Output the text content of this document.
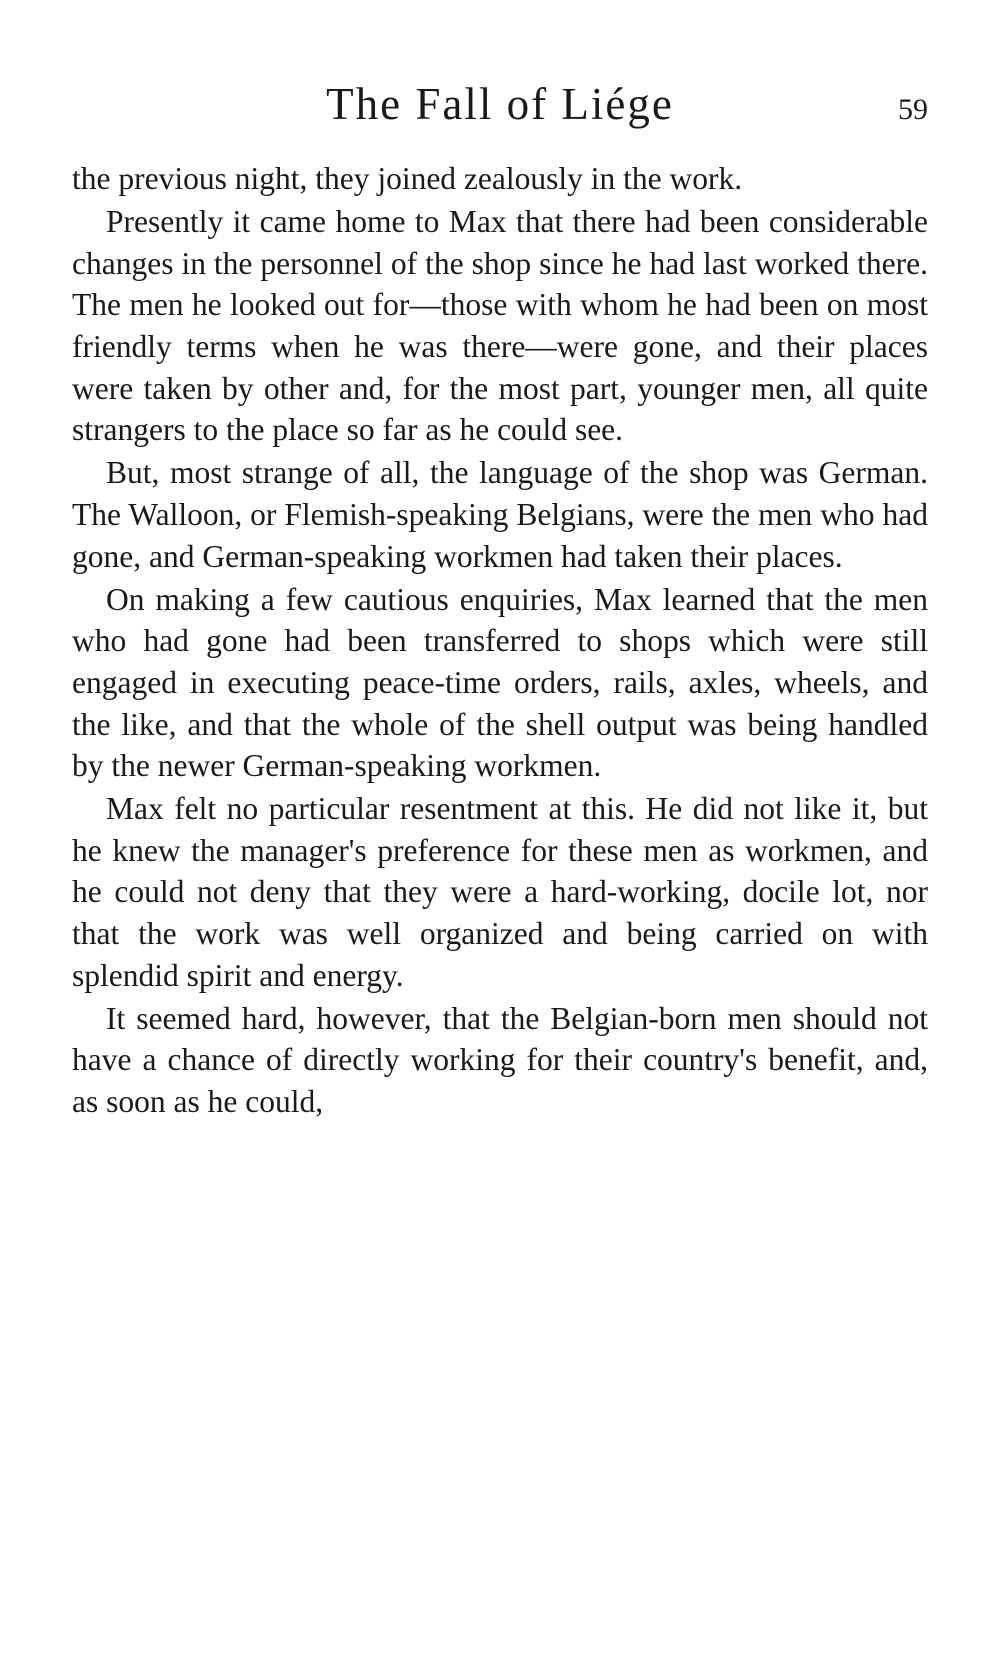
The Fall of Liége	59

the previous night, they joined zealously in the work.

Presently it came home to Max that there had been considerable changes in the personnel of the shop since he had last worked there. The men he looked out for—those with whom he had been on most friendly terms when he was there—were gone, and their places were taken by other and, for the most part, younger men, all quite strangers to the place so far as he could see.

But, most strange of all, the language of the shop was German. The Walloon, or Flemish-speaking Belgians, were the men who had gone, and German-speaking workmen had taken their places.

On making a few cautious enquiries, Max learned that the men who had gone had been transferred to shops which were still engaged in executing peace-time orders, rails, axles, wheels, and the like, and that the whole of the shell output was being handled by the newer German-speaking workmen.

Max felt no particular resentment at this. He did not like it, but he knew the manager's preference for these men as workmen, and he could not deny that they were a hard-working, docile lot, nor that the work was well organized and being carried on with splendid spirit and energy.

It seemed hard, however, that the Belgian-born men should not have a chance of directly working for their country's benefit, and, as soon as he could,
